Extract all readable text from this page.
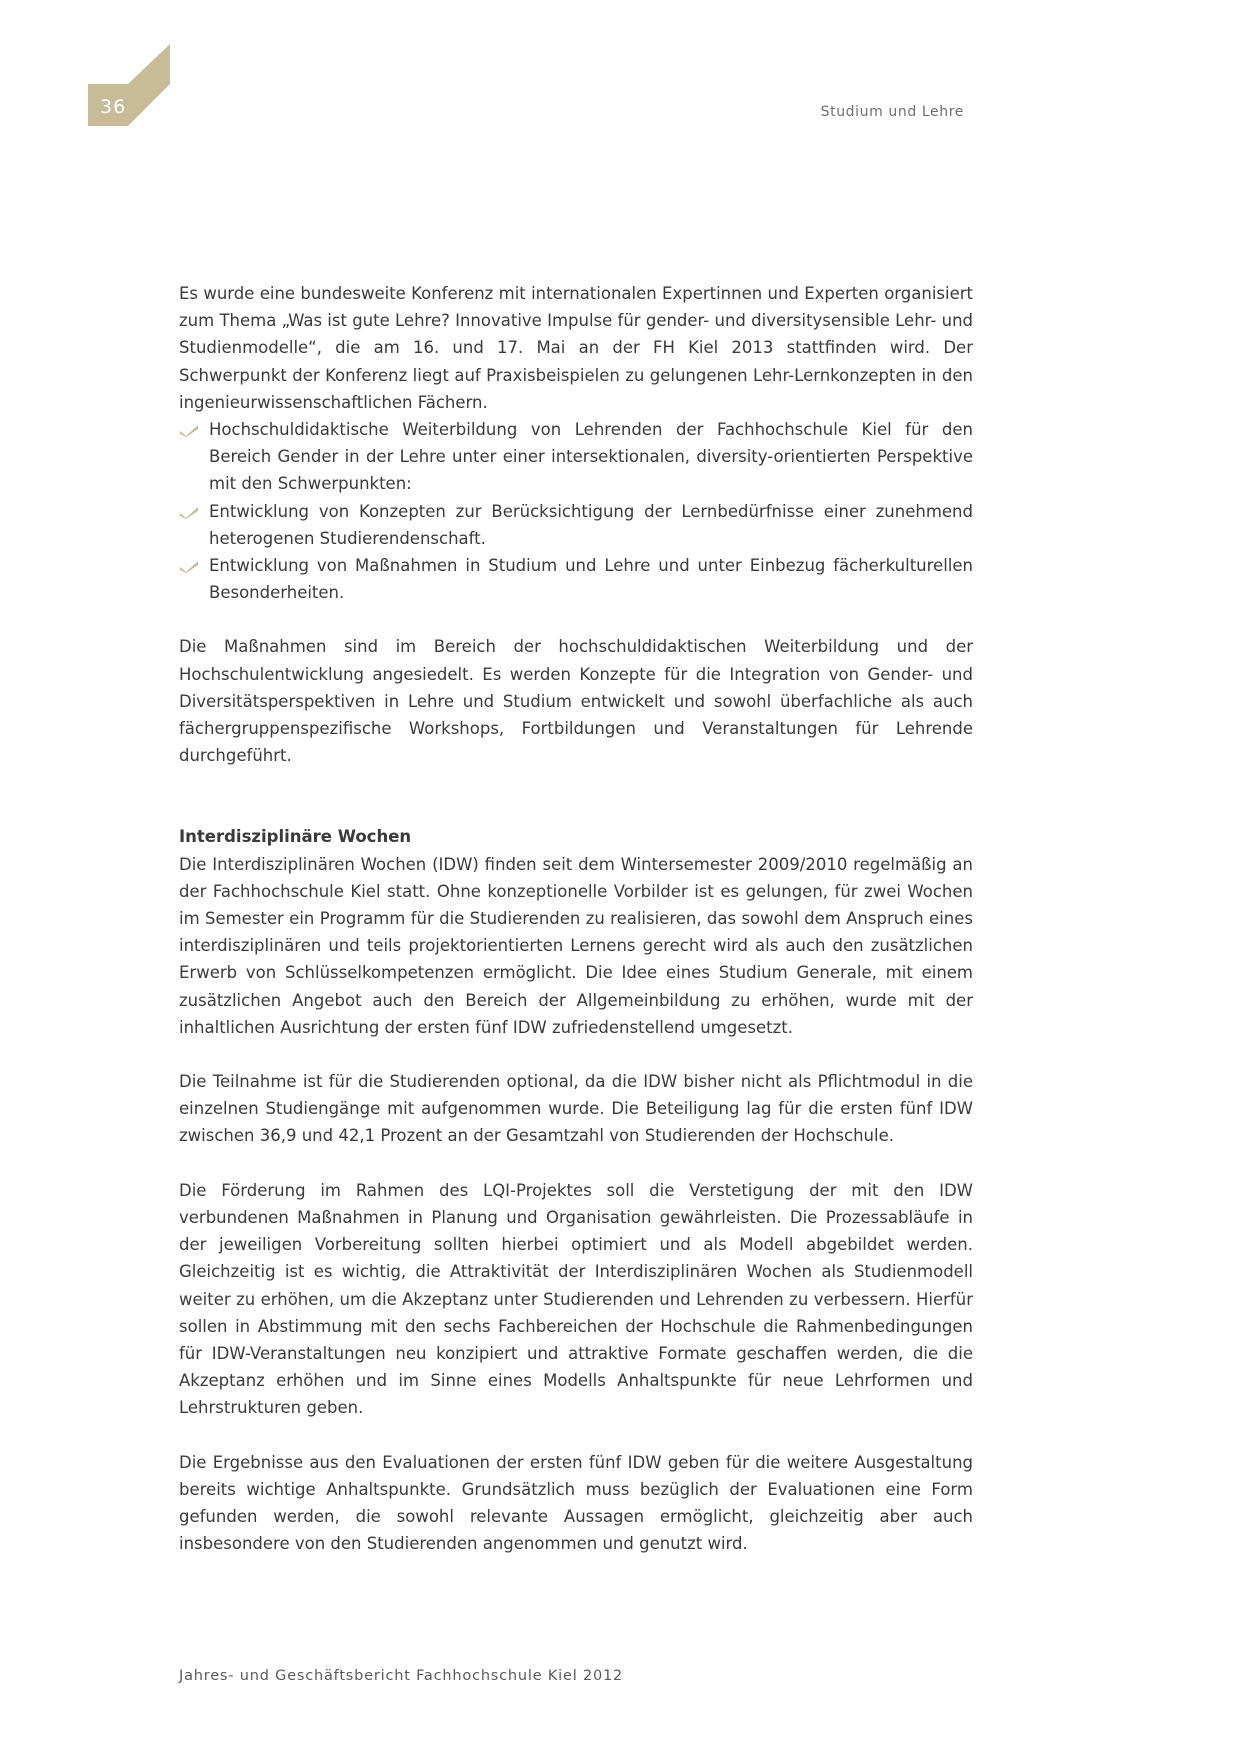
36	Studium und Lehre

Es wurde eine bundesweite Konferenz mit internationalen Expertinnen und Experten organisiert zum Thema „Was ist gute Lehre? Innovative Impulse für gender- und diversitysensible Lehr- und Studienmodelle“, die am 16. und 17. Mai an der FH Kiel 2013 stattfinden wird. Der Schwerpunkt der Konferenz liegt auf Praxisbeispielen zu gelungenen Lehr-Lernkonzepten in den ingenieurwissenschaftlichen Fächern.

Hochschuldidaktische Weiterbildung von Lehrenden der Fachhochschule Kiel für den Bereich Gender in der Lehre unter einer intersektionalen, diversity-orientierten Perspektive mit den Schwerpunkten:
Entwicklung von Konzepten zur Berücksichtigung der Lernbedürfnisse einer zunehmend heterogenen Studierendenschaft.
Entwicklung von Maßnahmen in Studium und Lehre und unter Einbezug fächerkulturellen Besonderheiten.

Die Maßnahmen sind im Bereich der hochschuldidaktischen Weiterbildung und der Hochschulentwicklung angesiedelt. Es werden Konzepte für die Integration von Gender- und Diversitätsperspektiven in Lehre und Studium entwickelt und sowohl überfachliche als auch fächergruppenspezifische Workshops, Fortbildungen und Veranstaltungen für Lehrende durchgeführt.

Interdisziplinäre Wochen

Die Interdisziplinären Wochen (IDW) finden seit dem Wintersemester 2009/2010 regelmäßig an der Fachhochschule Kiel statt. Ohne konzeptionelle Vorbilder ist es gelungen, für zwei Wochen im Semester ein Programm für die Studierenden zu realisieren, das sowohl dem Anspruch eines interdisziplinären und teils projektorientierten Lernens gerecht wird als auch den zusätzlichen Erwerb von Schlüsselkompetenzen ermöglicht. Die Idee eines Studium Generale, mit einem zusätzlichen Angebot auch den Bereich der Allgemeinbildung zu erhöhen, wurde mit der inhaltlichen Ausrichtung der ersten fünf IDW zufriedenstellend umgesetzt.

Die Teilnahme ist für die Studierenden optional, da die IDW bisher nicht als Pflichtmodul in die einzelnen Studiengänge mit aufgenommen wurde. Die Beteiligung lag für die ersten fünf IDW zwischen 36,9 und 42,1 Prozent an der Gesamtzahl von Studierenden der Hochschule.

Die Förderung im Rahmen des LQI-Projektes soll die Verstetigung der mit den IDW verbundenen Maßnahmen in Planung und Organisation gewährleisten. Die Prozessabläufe in der jeweiligen Vorbereitung sollten hierbei optimiert und als Modell abgebildet werden. Gleichzeitig ist es wichtig, die Attraktivität der Interdisziplinären Wochen als Studienmodell weiter zu erhöhen, um die Akzeptanz unter Studierenden und Lehrenden zu verbessern. Hierfür sollen in Abstimmung mit den sechs Fachbereichen der Hochschule die Rahmenbedingungen für IDW-Veranstaltungen neu konzipiert und attraktive Formate geschaffen werden, die die Akzeptanz erhöhen und im Sinne eines Modells Anhaltspunkte für neue Lehrformen und Lehrstrukturen geben.

Die Ergebnisse aus den Evaluationen der ersten fünf IDW geben für die weitere Ausgestaltung bereits wichtige Anhaltspunkte. Grundsätzlich muss bezüglich der Evaluationen eine Form gefunden werden, die sowohl relevante Aussagen ermöglicht, gleichzeitig aber auch insbesondere von den Studierenden angenommen und genutzt wird.

Jahres- und Geschäftsbericht Fachhochschule Kiel 2012
